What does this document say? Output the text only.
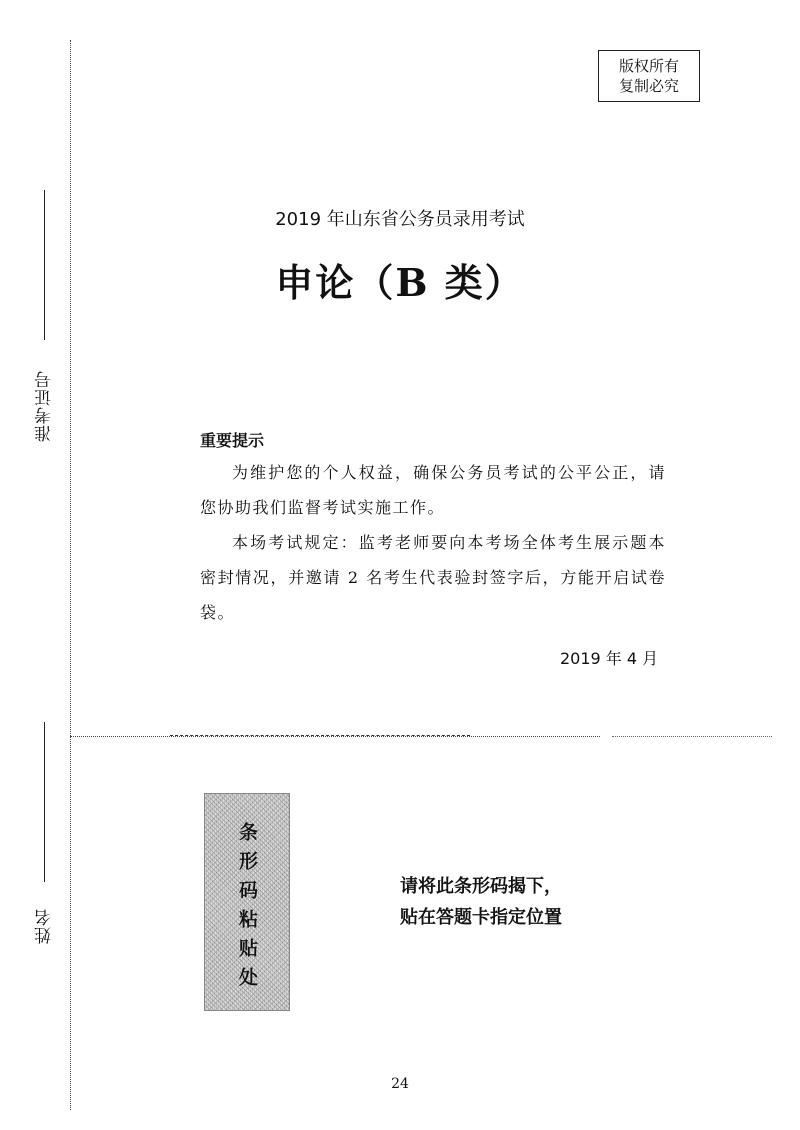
准考证号
姓名
版权所有
复制必究
2019 年山东省公务员录用考试
申论（B 类）
重要提示
为维护您的个人权益，确保公务员考试的公平公正，请您协助我们监督考试实施工作。
本场考试规定：监考老师要向本考场全体考生展示题本密封情况，并邀请 2 名考生代表验封签字后，方能开启试卷袋。
2019 年 4 月
条形码粘贴处	请将此条形码揭下，
贴在答题卡指定位置
24
